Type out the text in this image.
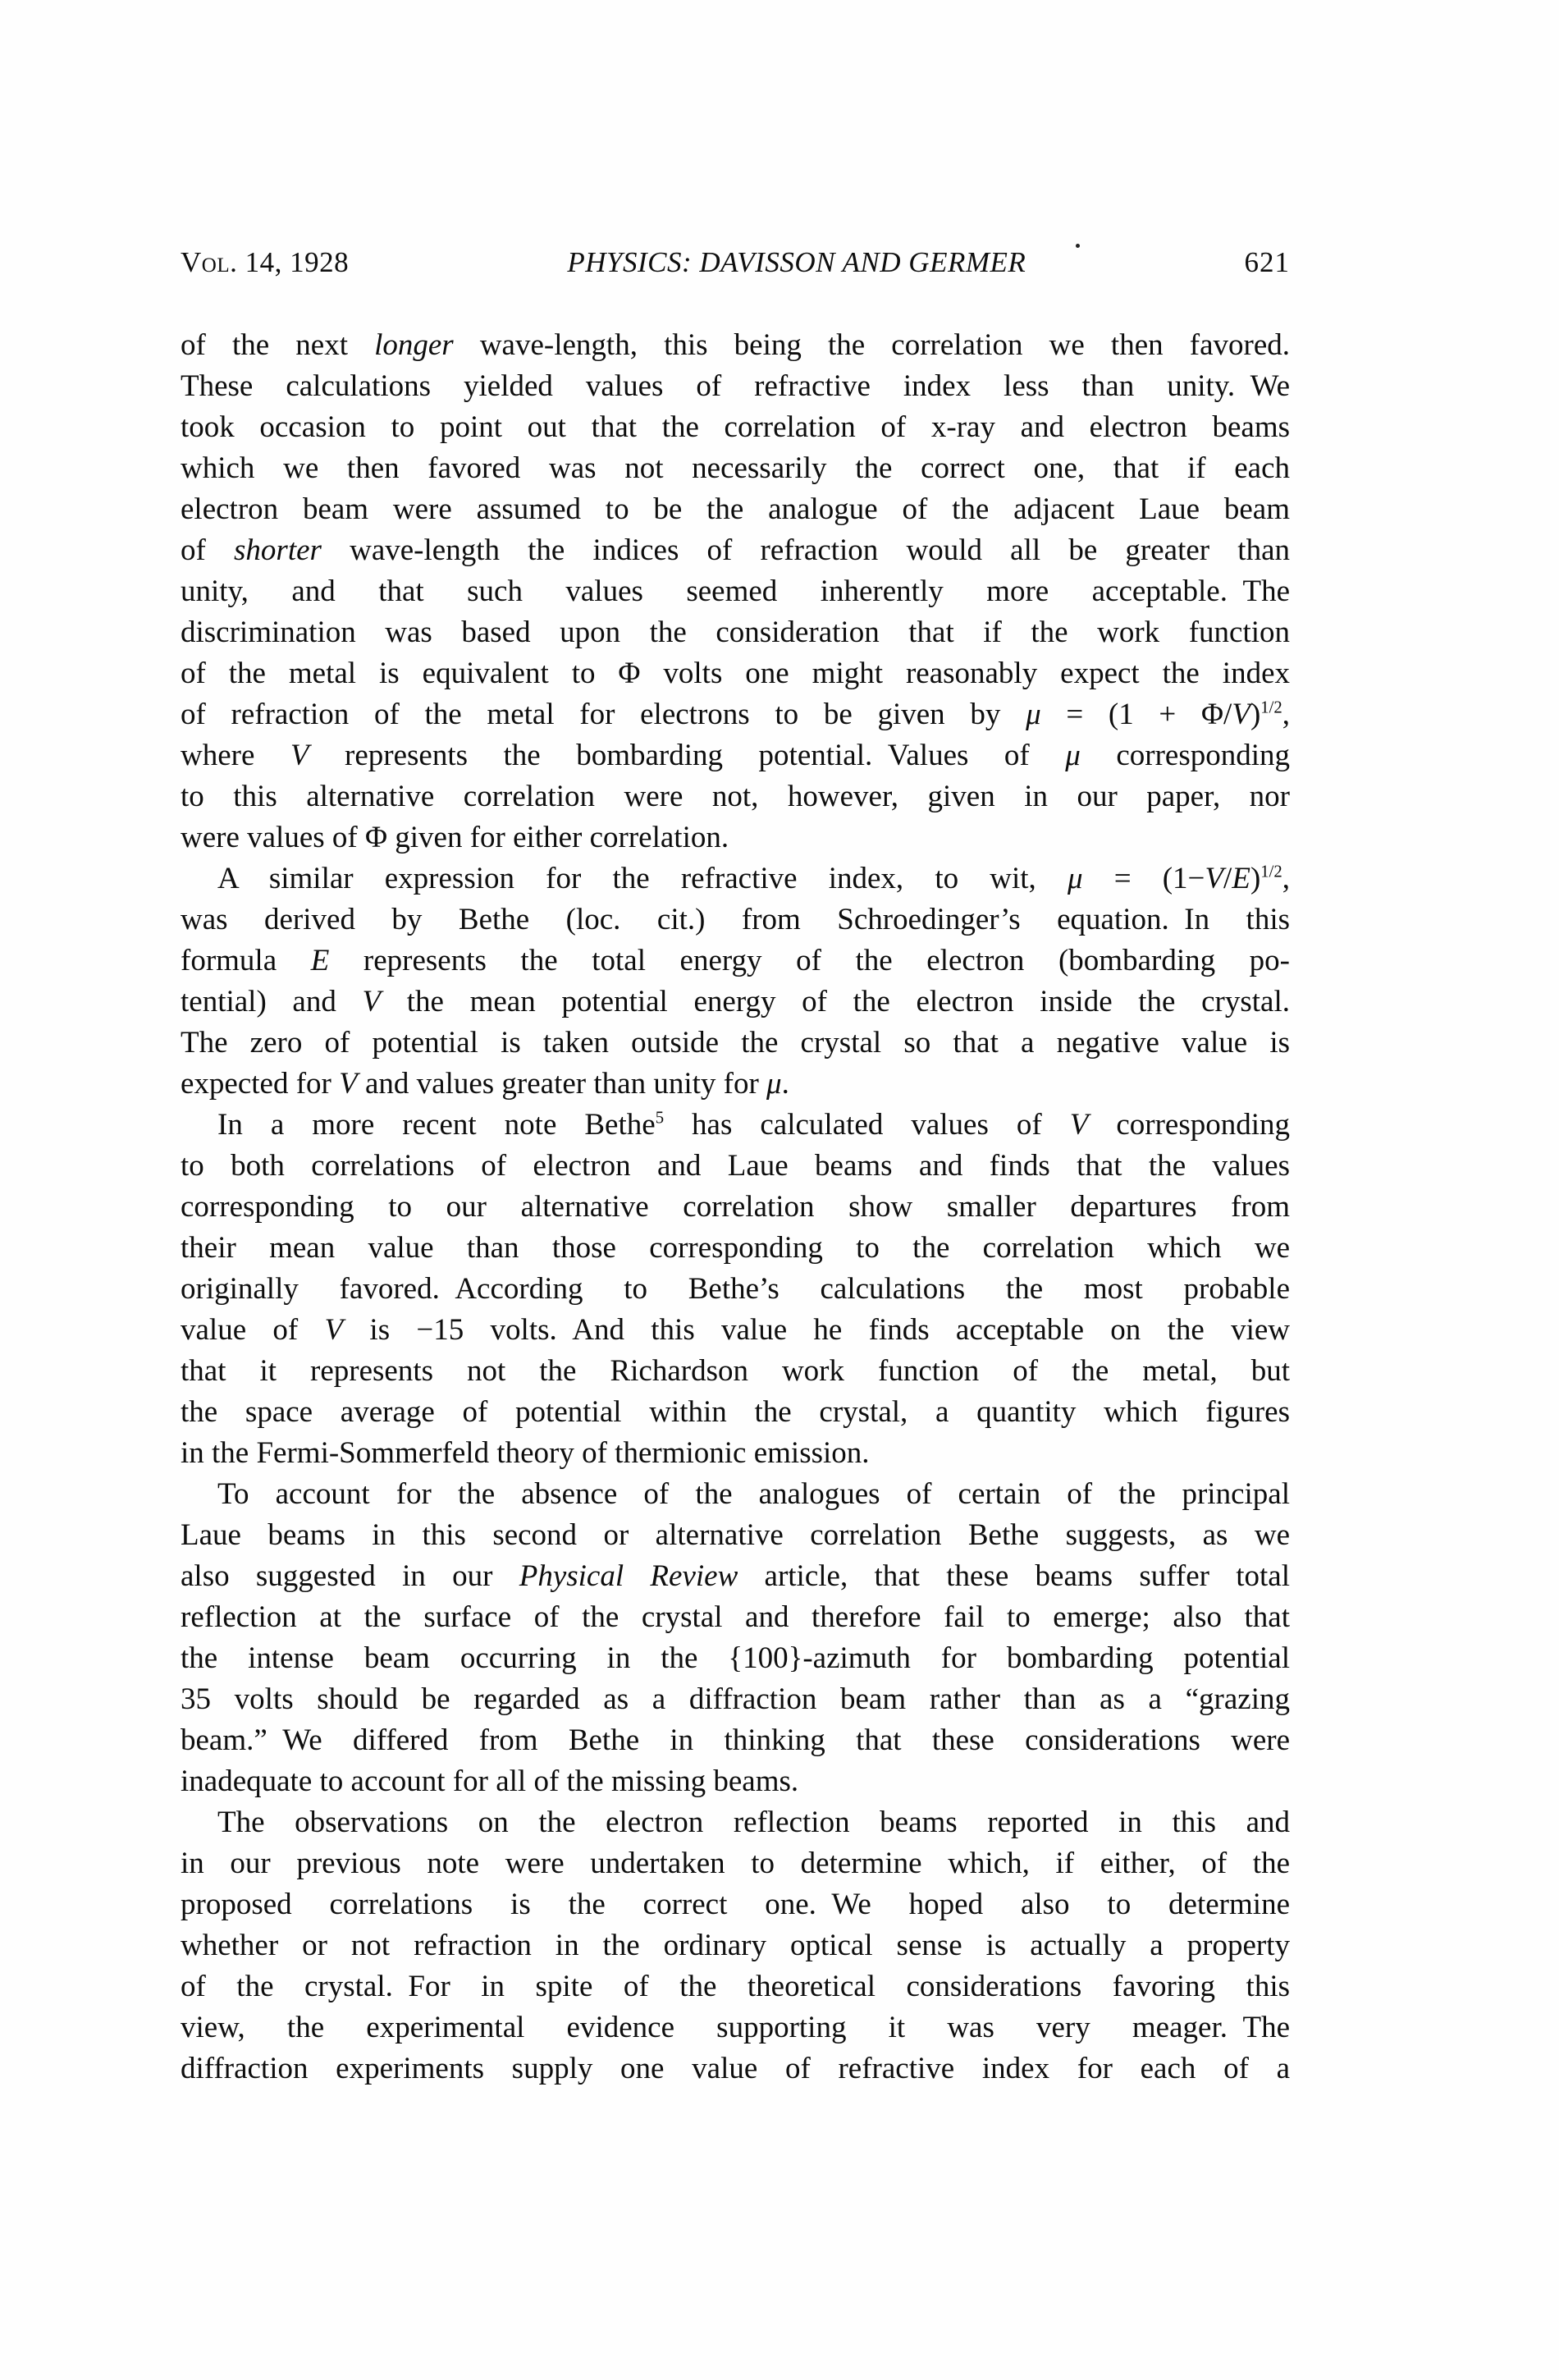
Vol. 14, 1928	PHYSICS: DAVISSON AND GERMER	621
of the next longer wave-length, this being the correlation we then favored.
These calculations yielded values of refractive index less than unity. We
took occasion to point out that the correlation of x-ray and electron beams
which we then favored was not necessarily the correct one, that if each
electron beam were assumed to be the analogue of the adjacent Laue beam
of shorter wave-length the indices of refraction would all be greater than
unity, and that such values seemed inherently more acceptable. The
discrimination was based upon the consideration that if the work function
of the metal is equivalent to Φ volts one might reasonably expect the index
of refraction of the metal for electrons to be given by $\mu = (1 + \Phi/V)^{1/2}$,
where V represents the bombarding potential. Values of μ corresponding
to this alternative correlation were not, however, given in our paper, nor
were values of Φ given for either correlation.
A similar expression for the refractive index, to wit, $\mu = (1-V/E)^{1/2}$,
was derived by Bethe (loc. cit.) from Schroedinger’s equation. In this
formula E represents the total energy of the electron (bombarding po-
tential) and V the mean potential energy of the electron inside the crystal.
The zero of potential is taken outside the crystal so that a negative value is
expected for V and values greater than unity for μ.
In a more recent note Bethe$^5$ has calculated values of V corresponding
to both correlations of electron and Laue beams and finds that the values
corresponding to our alternative correlation show smaller departures from
their mean value than those corresponding to the correlation which we
originally favored. According to Bethe’s calculations the most probable
value of V is −15 volts. And this value he finds acceptable on the view
that it represents not the Richardson work function of the metal, but
the space average of potential within the crystal, a quantity which figures
in the Fermi-Sommerfeld theory of thermionic emission.
To account for the absence of the analogues of certain of the principal
Laue beams in this second or alternative correlation Bethe suggests, as we
also suggested in our Physical Review article, that these beams suffer total
reflection at the surface of the crystal and therefore fail to emerge; also that
the intense beam occurring in the {100}-azimuth for bombarding potential
35 volts should be regarded as a diffraction beam rather than as a “grazing
beam.” We differed from Bethe in thinking that these considerations were
inadequate to account for all of the missing beams.
The observations on the electron reflection beams reported in this and
in our previous note were undertaken to determine which, if either, of the
proposed correlations is the correct one. We hoped also to determine
whether or not refraction in the ordinary optical sense is actually a property
of the crystal. For in spite of the theoretical considerations favoring this
view, the experimental evidence supporting it was very meager. The
diffraction experiments supply one value of refractive index for each of a
